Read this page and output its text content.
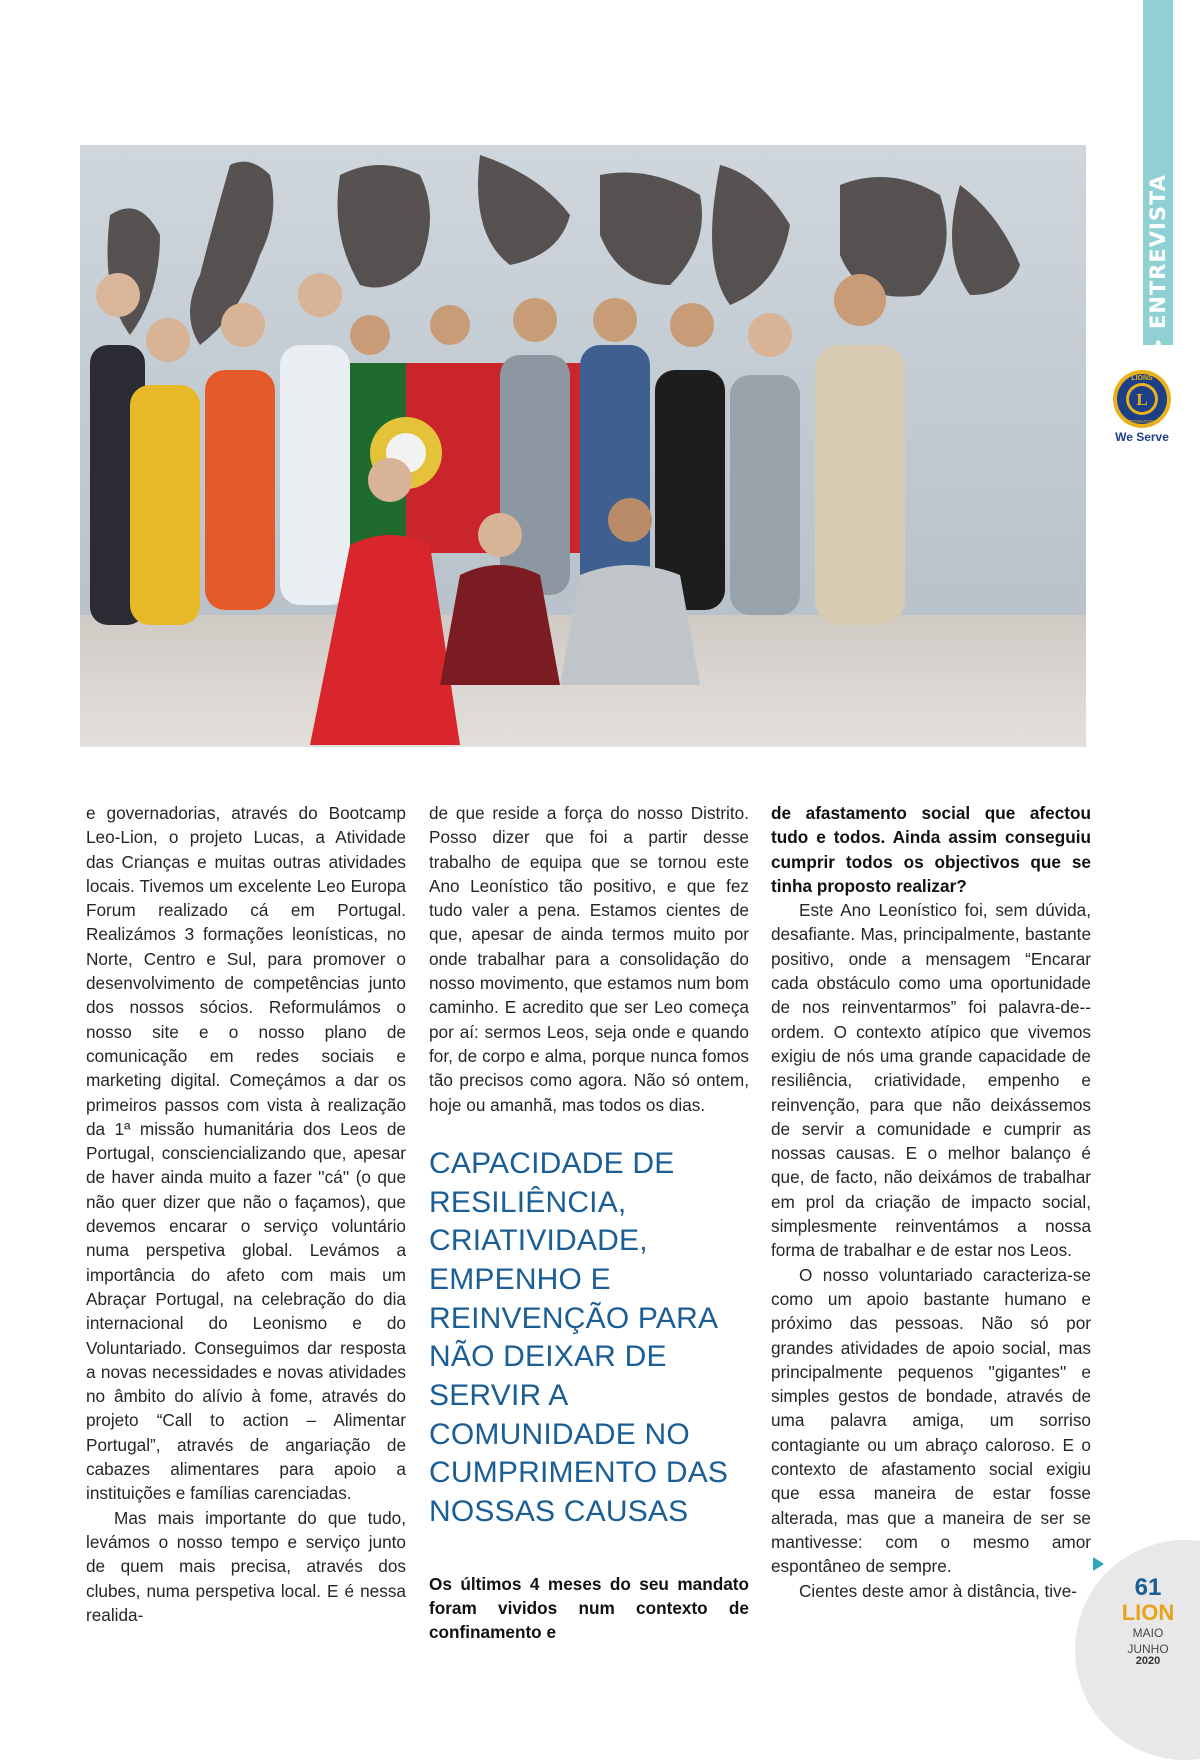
> ENTREVISTA
L
LIONS
INTERNATIONAL
We Serve

e governadorias, através do Bootcamp Leo-Lion, o projeto Lucas, a Atividade das Crianças e muitas outras atividades locais. Tivemos um excelente Leo Europa Forum realizado cá em Portugal. Realizámos 3 formações leonísticas, no Norte, Centro e Sul, para promover o desenvolvimento de competências junto dos nossos sócios. Reformulámos o nosso site e o nosso plano de comunicação em redes sociais e marketing digital. Começámos a dar os primeiros passos com vista à realização da 1ª missão humanitária dos Leos de Portugal, consciencializando que, apesar de haver ainda muito a fazer ''cá'' (o que não quer dizer que não o façamos), que devemos encarar o serviço voluntário numa perspetiva global. Levámos a importância do afeto com mais um Abraçar Portugal, na celebração do dia internacional do Leonismo e do Voluntariado. Conseguimos dar resposta a novas necessidades e novas atividades no âmbito do alívio à fome, através do projeto “Call to action – Alimentar Portugal”, através de angariação de cabazes alimentares para apoio a instituições e famílias carenciadas.

Mas mais importante do que tudo, levámos o nosso tempo e serviço junto de quem mais precisa, através dos clubes, numa perspetiva local. E é nessa realida-

de que reside a força do nosso Distrito. Posso dizer que foi a partir desse trabalho de equipa que se tornou este Ano Leonístico tão positivo, e que fez tudo valer a pena. Estamos cientes de que, apesar de ainda termos muito por onde trabalhar para a consolidação do nosso movimento, que estamos num bom caminho. E acredito que ser Leo começa por aí: sermos Leos, seja onde e quando for, de corpo e alma, porque nunca fomos tão precisos como agora. Não só ontem, hoje ou amanhã, mas todos os dias.

CAPACIDADE DE RESILIÊNCIA, CRIATIVIDADE, EMPENHO E REINVENÇÃO PARA NÃO DEIXAR DE SERVIR A COMUNIDADE NO CUMPRIMENTO DAS NOSSAS CAUSAS

Os últimos 4 meses do seu mandato foram vividos num contexto de confinamento e

de afastamento social que afectou tudo e todos. Ainda assim conseguiu cumprir todos os objectivos que se tinha proposto realizar?

Este Ano Leonístico foi, sem dúvida, desafiante. Mas, principalmente, bastante positivo, onde a mensagem “Encarar cada obstáculo como uma oportunidade de nos reinventarmos” foi palavra-de--ordem. O contexto atípico que vivemos exigiu de nós uma grande capacidade de resiliência, criatividade, empenho e reinvenção, para que não deixássemos de servir a comunidade e cumprir as nossas causas. E o melhor balanço é que, de facto, não deixámos de trabalhar em prol da criação de impacto social, simplesmente reinventámos a nossa forma de trabalhar e de estar nos Leos.

O nosso voluntariado caracteriza-se como um apoio bastante humano e próximo das pessoas. Não só por grandes atividades de apoio social, mas principalmente pequenos ''gigantes'' e simples gestos de bondade, através de uma palavra amiga, um sorriso contagiante ou um abraço caloroso. E o contexto de afastamento social exigiu que essa maneira de estar fosse alterada, mas que a maneira de ser se mantivesse: com o mesmo amor espontâneo de sempre.

Cientes deste amor à distância, tive-	61
LION
MAIO
JUNHO
2020
